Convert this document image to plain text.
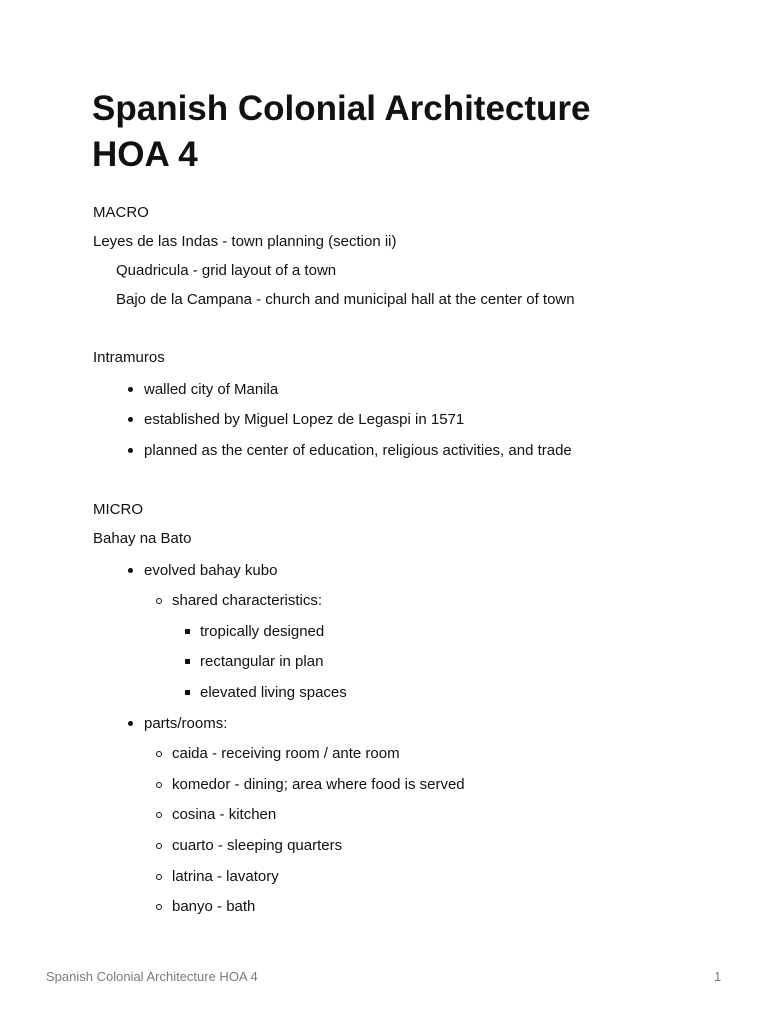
Spanish Colonial Architecture
HOA 4
MACRO
Leyes de las Indas - town planning (section ii)
Quadricula - grid layout of a town
Bajo de la Campana - church and municipal hall at the center of town
Intramuros
walled city of Manila
established by Miguel Lopez de Legaspi in 1571
planned as the center of education, religious activities, and trade
MICRO
Bahay na Bato
evolved bahay kubo
shared characteristics:
tropically designed
rectangular in plan
elevated living spaces
parts/rooms:
caida - receiving room / ante room
komedor - dining; area where food is served
cosina - kitchen
cuarto - sleeping quarters
latrina - lavatory
banyo - bath
Spanish Colonial Architecture HOA 4	1
